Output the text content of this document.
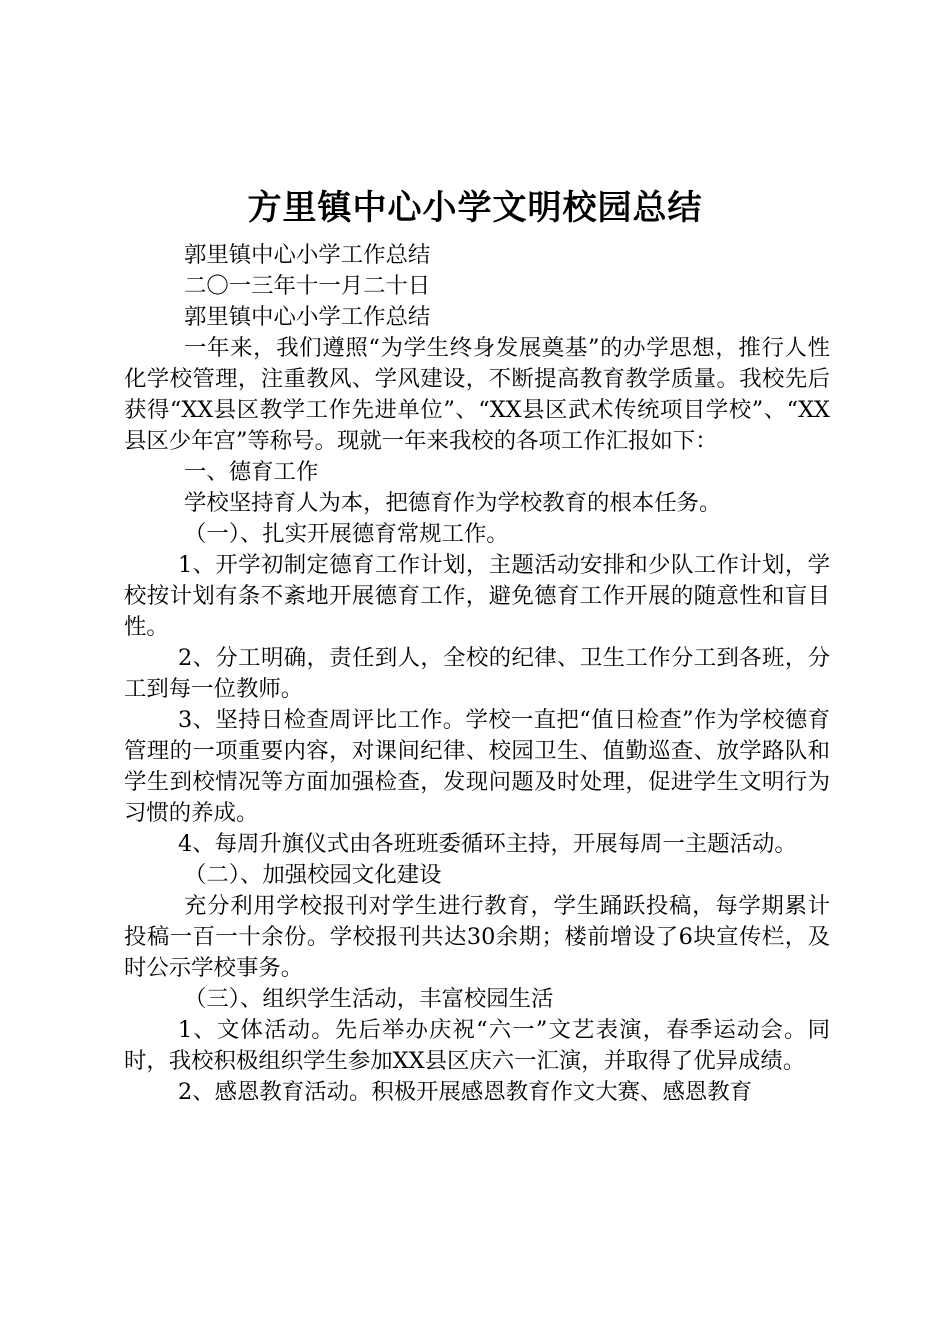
方里镇中心小学文明校园总结

郭里镇中心小学工作总结

二〇一三年十一月二十日

郭里镇中心小学工作总结

一年来，我们遵照“为学生终身发展奠基”的办学思想，推行人性化学校管理，注重教风、学风建设，不断提高教育教学质量。我校先后获得“XX县区教学工作先进单位”、“XX县区武术传统项目学校”、“XX县区少年宫”等称号。现就一年来我校的各项工作汇报如下：

一、德育工作

学校坚持育人为本，把德育作为学校教育的根本任务。

（一）、扎实开展德育常规工作。

1、开学初制定德育工作计划，主题活动安排和少队工作计划，学校按计划有条不紊地开展德育工作，避免德育工作开展的随意性和盲目性。

2、分工明确，责任到人，全校的纪律、卫生工作分工到各班，分工到每一位教师。

3、坚持日检查周评比工作。学校一直把“值日检查”作为学校德育管理的一项重要内容，对课间纪律、校园卫生、值勤巡查、放学路队和学生到校情况等方面加强检查，发现问题及时处理，促进学生文明行为习惯的养成。

4、每周升旗仪式由各班班委循环主持，开展每周一主题活动。

（二）、加强校园文化建设

充分利用学校报刊对学生进行教育，学生踊跃投稿，每学期累计投稿一百一十余份。学校报刊共达30余期；楼前增设了6块宣传栏，及时公示学校事务。

（三）、组织学生活动，丰富校园生活

1、文体活动。先后举办庆祝“六一”文艺表演，春季运动会。同时，我校积极组织学生参加XX县区庆六一汇演，并取得了优异成绩。

2、感恩教育活动。积极开展感恩教育作文大赛、感恩教育
